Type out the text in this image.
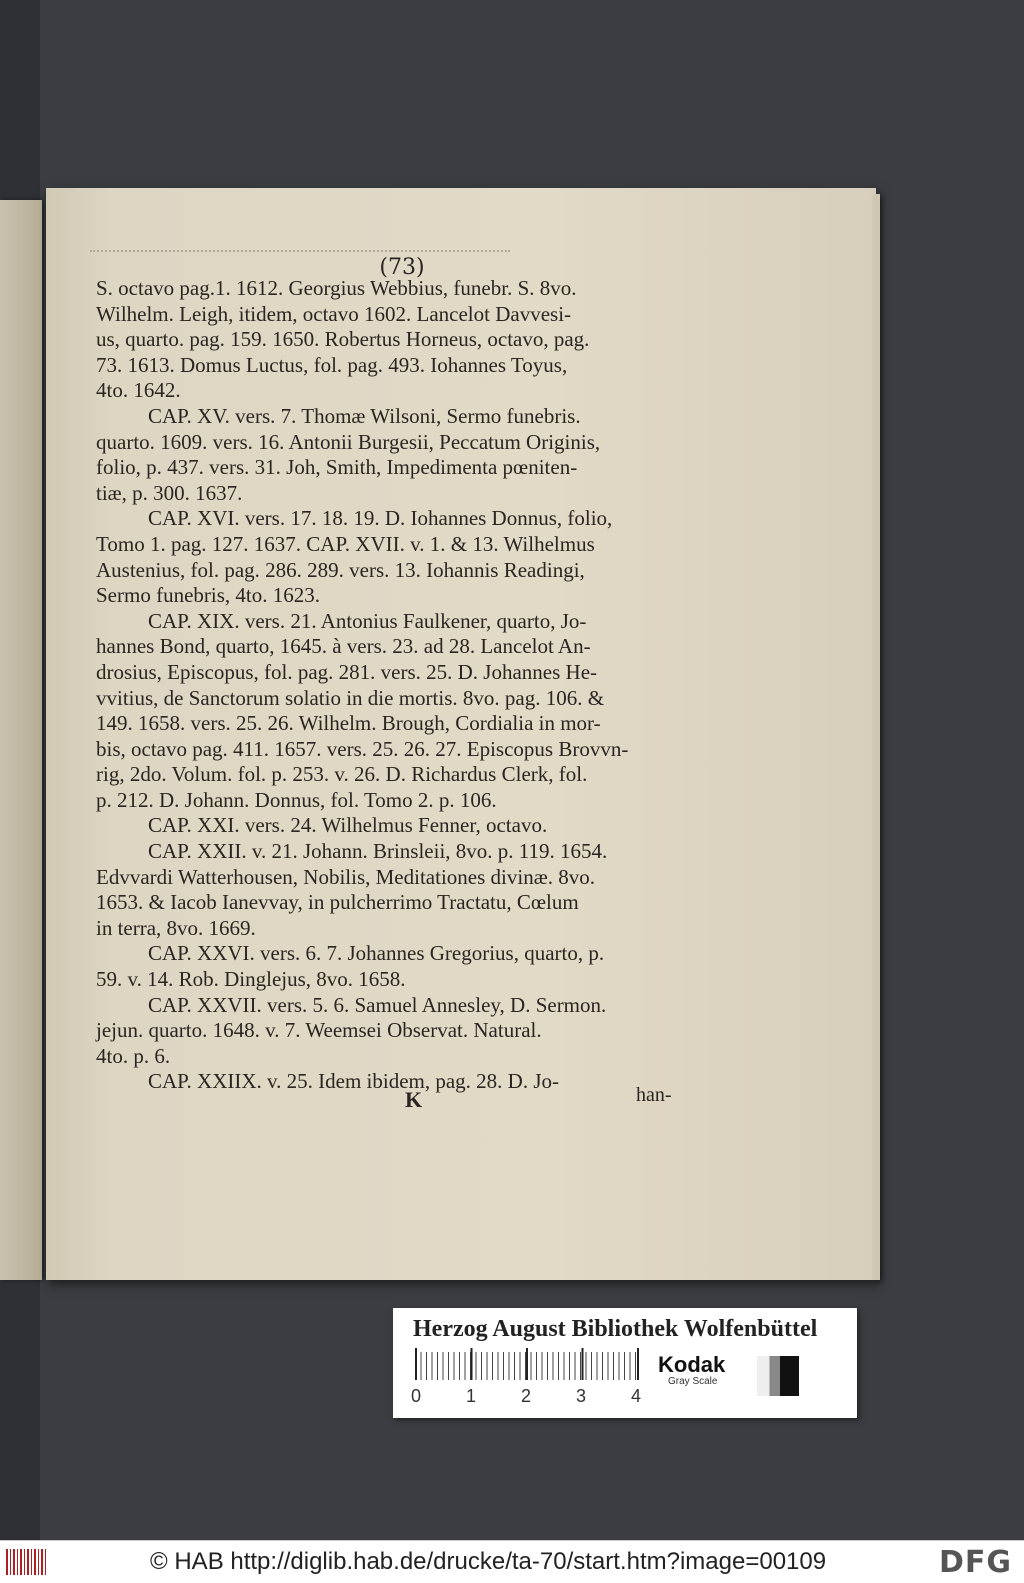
(73)
S. octavo pag.1. 1612. Georgius Webbius, funebr. S. 8vo.
Wilhelm. Leigh, itidem, octavo 1602. Lancelot Davvesi-
us, quarto. pag. 159. 1650. Robertus Horneus, octavo, pag.
73. 1613. Domus Luctus, fol. pag. 493. Iohannes Toyus,
4to. 1642.
CAP. XV. vers. 7. Thomæ Wilsoni, Sermo funebris.
quarto. 1609. vers. 16. Antonii Burgesii, Peccatum Originis,
folio, p. 437. vers. 31. Joh, Smith, Impedimenta pœniten-
tiæ, p. 300. 1637.
CAP. XVI. vers. 17. 18. 19. D. Iohannes Donnus, folio,
Tomo 1. pag. 127. 1637. CAP. XVII. v. 1. & 13. Wilhelmus
Austenius, fol. pag. 286. 289. vers. 13. Iohannis Readingi,
Sermo funebris, 4to. 1623.
CAP. XIX. vers. 21. Antonius Faulkener, quarto, Jo-
hannes Bond, quarto, 1645. à vers. 23. ad 28. Lancelot An-
drosius, Episcopus, fol. pag. 281. vers. 25. D. Johannes He-
vvitius, de Sanctorum solatio in die mortis. 8vo. pag. 106. &
149. 1658. vers. 25. 26. Wilhelm. Brough, Cordialia in mor-
bis, octavo pag. 411. 1657. vers. 25. 26. 27. Episcopus Brovvn-
rig, 2do. Volum. fol. p. 253. v. 26. D. Richardus Clerk, fol.
p. 212. D. Johann. Donnus, fol. Tomo 2. p. 106.
CAP. XXI. vers. 24. Wilhelmus Fenner, octavo.
CAP. XXII. v. 21. Johann. Brinsleii, 8vo. p. 119. 1654.
Edvvardi Watterhousen, Nobilis, Meditationes divinæ. 8vo.
1653. & Iacob Ianevvay, in pulcherrimo Tractatu, Cœlum
in terra, 8vo. 1669.
CAP. XXVI. vers. 6. 7. Johannes Gregorius, quarto, p.
59. v. 14. Rob. Dinglejus, 8vo. 1658.
CAP. XXVII. vers. 5. 6. Samuel Annesley, D. Sermon.
jejun. quarto. 1648. v. 7. Weemsei Observat. Natural.
4to. p. 6.
CAP. XXIIX. v. 25. Idem ibidem, pag. 28. D. Jo-
K	han-
Herzog August Bibliothek Wolfenbüttel
0 1 2 3 4
Kodak
Gray Scale
© HAB http://diglib.hab.de/drucke/ta-70/start.htm?image=00109	DFG
